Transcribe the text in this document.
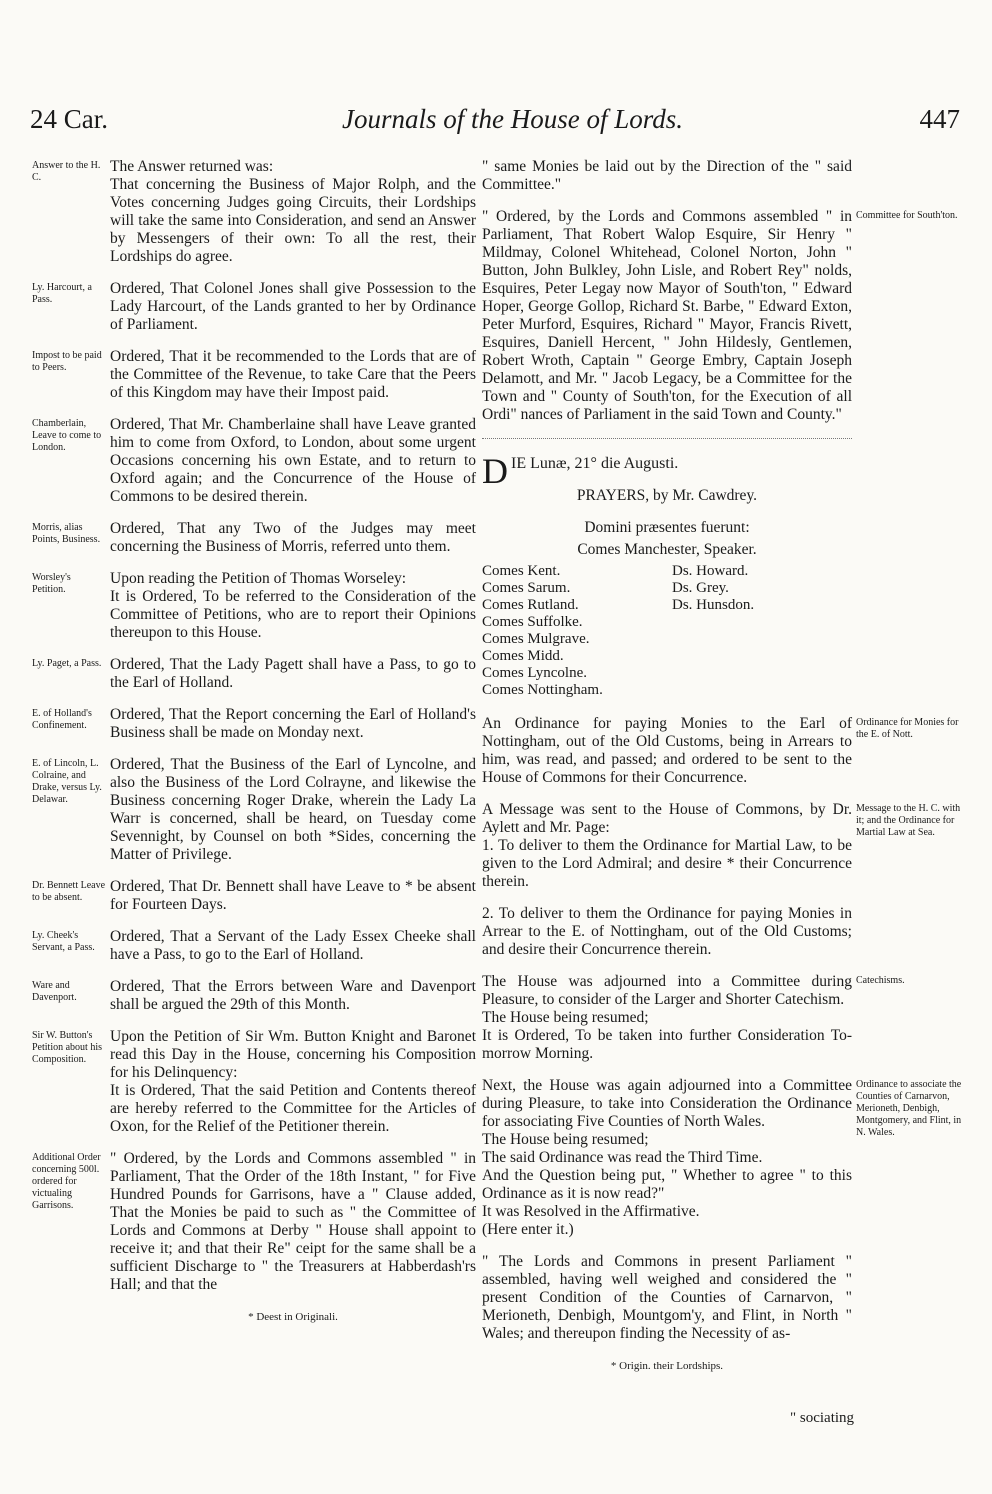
24 Car.	Journals of the House of Lords.	447
Answer to the H. C.

The Answer returned was:
That concerning the Business of Major Rolph, and the Votes concerning Judges going Circuits, their Lordships will take the same into Consideration, and send an Answer by Messengers of their own: To all the rest, their Lordships do agree.

Ly. Harcourt, a Pass.

Ordered, That Colonel Jones shall give Possession to the Lady Harcourt, of the Lands granted to her by Ordinance of Parliament.

Impost to be paid to Peers.

Ordered, That it be recommended to the Lords that are of the Committee of the Revenue, to take Care that the Peers of this Kingdom may have their Impost paid.

Chamberlain, Leave to come to London.

Ordered, That Mr. Chamberlaine shall have Leave granted him to come from Oxford, to London, about some urgent Occasions concerning his own Estate, and to return to Oxford again; and the Concurrence of the House of Commons to be desired therein.

Morris, alias Points, Business.

Ordered, That any Two of the Judges may meet concerning the Business of Morris, referred unto them.

Worsley's Petition.

Upon reading the Petition of Thomas Worseley:
It is Ordered, To be referred to the Consideration of the Committee of Petitions, who are to report their Opinions thereupon to this House.

Ly. Paget, a Pass. Ordered, That the Lady Pagett shall have a Pass, to go to the Earl of Holland.

E. of Holland's Confinement.

Ordered, That the Report concerning the Earl of Holland's Business shall be made on Monday next.

E. of Lincoln, L. Colraine, and Drake, versus Ly. Delawar.

Ordered, That the Business of the Earl of Lyncolne, and also the Business of the Lord Colrayne, and likewise the Business concerning Roger Drake, wherein the Lady La Warr is concerned, shall be heard, on Tuesday come Sevennight, by Counsel on both *Sides, concerning the Matter of Privilege.

Dr. Bennett Leave to be absent.

Ordered, That Dr. Bennett shall have Leave to * be absent for Fourteen Days.

Ly. Cheek's Servant, a Pass.

Ordered, That a Servant of the Lady Essex Cheeke shall have a Pass, to go to the Earl of Holland.

Ware and Davenport.

Ordered, That the Errors between Ware and Davenport shall be argued the 29th of this Month.

Sir W. Button's Petition about his Composition.

Upon the Petition of Sir Wm. Button Knight and Baronet read this Day in the House, concerning his Composition for his Delinquency:
It is Ordered, That the said Petition and Contents thereof are hereby referred to the Committee for the Articles of Oxon, for the Relief of the Petitioner therein.

Additional Order concerning 500l. ordered for victualing Garrisons.

" Ordered, by the Lords and Commons assembled " in Parliament, That the Order of the 18th Instant, " for Five Hundred Pounds for Garrisons, have a " Clause added, That the Monies be paid to such as " the Committee of Lords and Commons at Derby " House shall appoint to receive it; and that their Re" ceipt for the same shall be a sufficient Discharge to " the Treasurers at Habberdash'rs Hall; and that the

* Deest in Originali.

" same Monies be laid out by the Direction of the " said Committee."

Committee for South'ton.

" Ordered, by the Lords and Commons assembled " in Parliament, That Robert Walop Esquire, Sir Henry " Mildmay, Colonel Whitehead, Colonel Norton, John " Button, John Bulkley, John Lisle, and Robert Rey" nolds, Esquires, Peter Legay now Mayor of South'ton, " Edward Hoper, George Gollop, Richard St. Barbe, " Edward Exton, Peter Murford, Esquires, Richard " Mayor, Francis Rivett, Esquires, Daniell Hercent, " John Hildesly, Gentlemen, Robert Wroth, Captain " George Embry, Captain Joseph Delamott, and Mr. " Jacob Legacy, be a Committee for the Town and " County of South'ton, for the Execution of all Ordi" nances of Parliament in the said Town and County."

D IE Lunæ, 21° die Augusti.

PRAYERS, by Mr. Cawdrey.

Domini præsentes fuerunt:

Comes Manchester, Speaker.

Comes Kent.
Comes Sarum.
Comes Rutland.
Comes Suffolke.
Comes Mulgrave.
Comes Midd.
Comes Lyncolne.
Comes Nottingham.
Ds. Howard.
Ds. Grey.
Ds. Hunsdon.
Ordinance for Monies for the E. of Nott.

An Ordinance for paying Monies to the Earl of Nottingham, out of the Old Customs, being in Arrears to him, was read, and passed; and ordered to be sent to the House of Commons for their Concurrence.

Message to the H. C. with it; and the Ordinance for Martial Law at Sea.

A Message was sent to the House of Commons, by Dr. Aylett and Mr. Page:
1. To deliver to them the Ordinance for Martial Law, to be given to the Lord Admiral; and desire * their Concurrence therein.

2. To deliver to them the Ordinance for paying Monies in Arrear to the E. of Nottingham, out of the Old Customs; and desire their Concurrence therein.

Catechisms.

The House was adjourned into a Committee during Pleasure, to consider of the Larger and Shorter Catechism.
The House being resumed;
It is Ordered, To be taken into further Consideration To-morrow Morning.

Ordinance to associate the Counties of Carnarvon, Merioneth, Denbigh, Montgomery, and Flint, in N. Wales.

Next, the House was again adjourned into a Committee during Pleasure, to take into Consideration the Ordinance for associating Five Counties of North Wales.
The House being resumed;
The said Ordinance was read the Third Time.
And the Question being put, " Whether to agree " to this Ordinance as it is now read?"
It was Resolved in the Affirmative.
(Here enter it.)

" The Lords and Commons in present Parliament " assembled, having well weighed and considered the " present Condition of the Counties of Carnarvon, " Merioneth, Denbigh, Mountgom'y, and Flint, in North " Wales; and thereupon finding the Necessity of as-

* Origin. their Lordships.

" sociating
